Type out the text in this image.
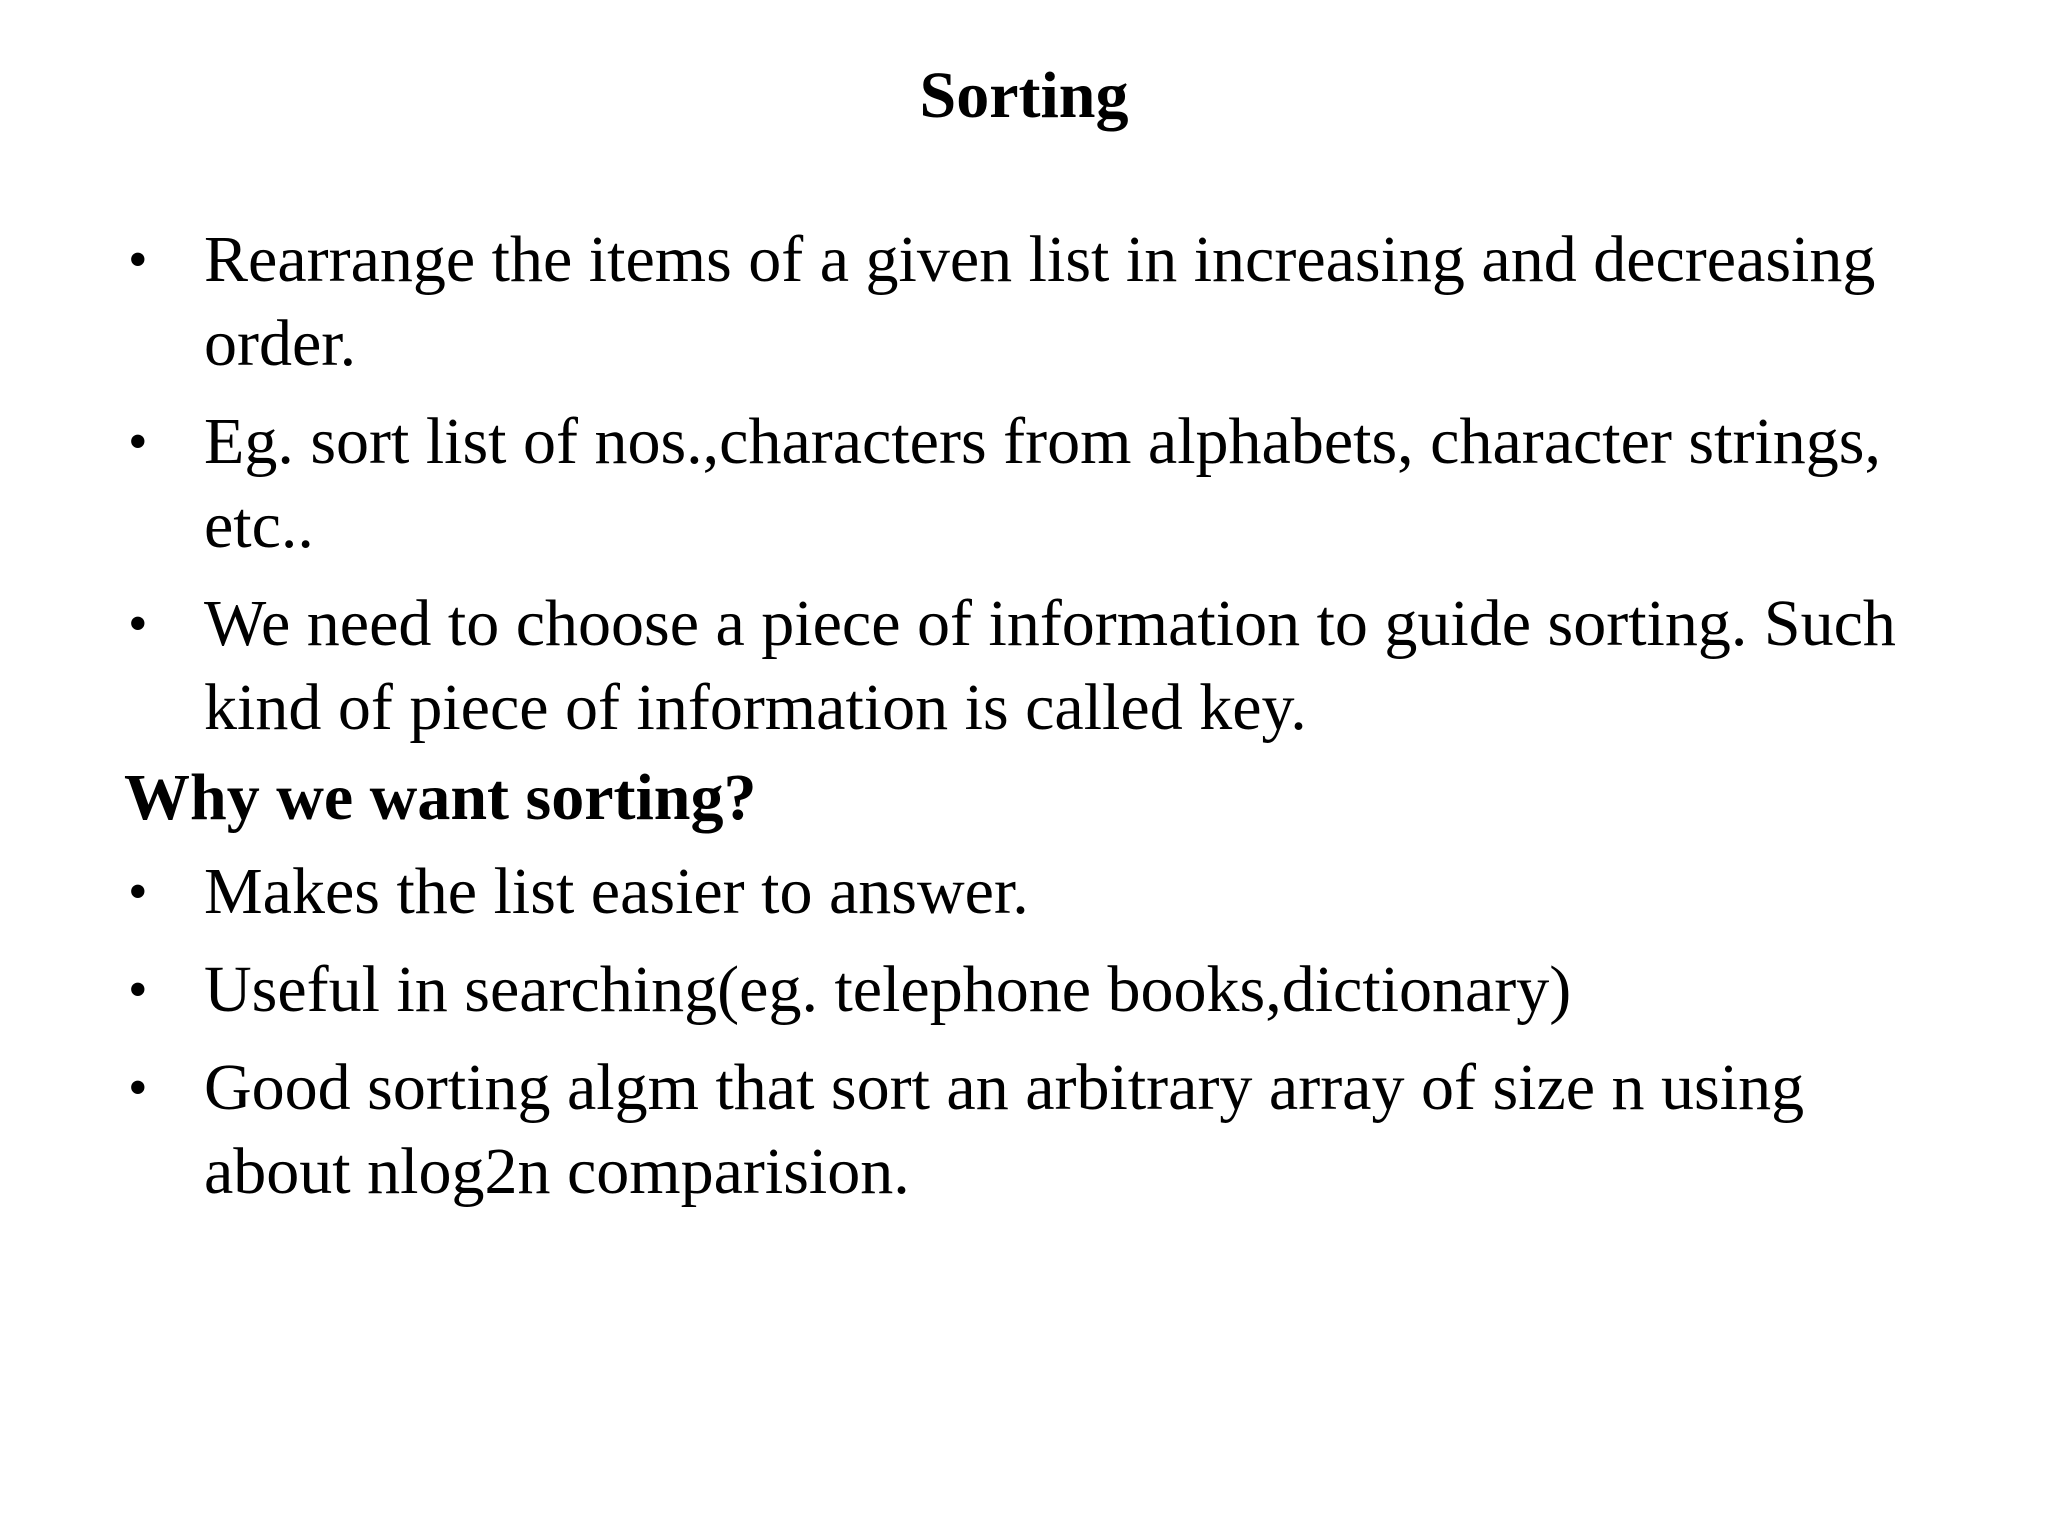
Sorting
• Rearrange the items of a given list in increasing and decreasing order.
• Eg. sort list of nos.,characters from alphabets, character strings, etc..
• We need to choose a piece of information to guide sorting. Such kind of piece of information is called key.
Why we want sorting?
• Makes the list easier to answer.
• Useful in searching(eg. telephone books,dictionary)
• Good sorting algm that sort an arbitrary array of size n using about nlog2n comparision.
